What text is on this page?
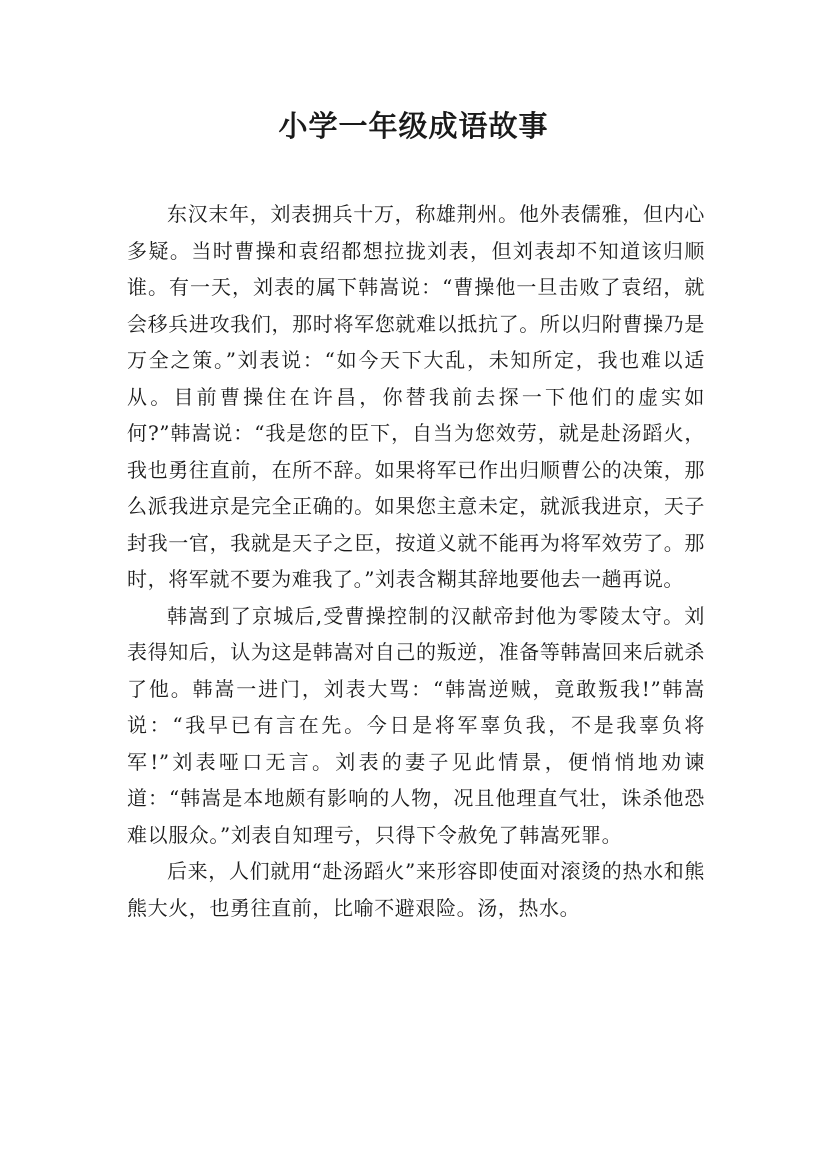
小学一年级成语故事

东汉末年，刘表拥兵十万，称雄荆州。他外表儒雅，但内心多疑。当时曹操和袁绍都想拉拢刘表，但刘表却不知道该归顺谁。有一天，刘表的属下韩嵩说：“曹操他一旦击败了袁绍，就会移兵进攻我们，那时将军您就难以抵抗了。所以归附曹操乃是万全之策。”刘表说：“如今天下大乱，未知所定，我也难以适从。目前曹操住在许昌，你替我前去探一下他们的虚实如何?”韩嵩说：“我是您的臣下，自当为您效劳，就是赴汤蹈火，我也勇往直前，在所不辞。如果将军已作出归顺曹公的决策，那么派我进京是完全正确的。如果您主意未定，就派我进京，天子封我一官，我就是天子之臣，按道义就不能再为将军效劳了。那时，将军就不要为难我了。”刘表含糊其辞地要他去一趟再说。

韩嵩到了京城后,受曹操控制的汉献帝封他为零陵太守。刘表得知后，认为这是韩嵩对自己的叛逆，准备等韩嵩回来后就杀了他。韩嵩一进门，刘表大骂：“韩嵩逆贼，竟敢叛我!”韩嵩说：“我早已有言在先。今日是将军辜负我，不是我辜负将军!”刘表哑口无言。刘表的妻子见此情景，便悄悄地劝谏道：“韩嵩是本地颇有影响的人物，况且他理直气壮，诛杀他恐难以服众。”刘表自知理亏，只得下令赦免了韩嵩死罪。

后来，人们就用“赴汤蹈火”来形容即使面对滚烫的热水和熊熊大火，也勇往直前，比喻不避艰险。汤，热水。
